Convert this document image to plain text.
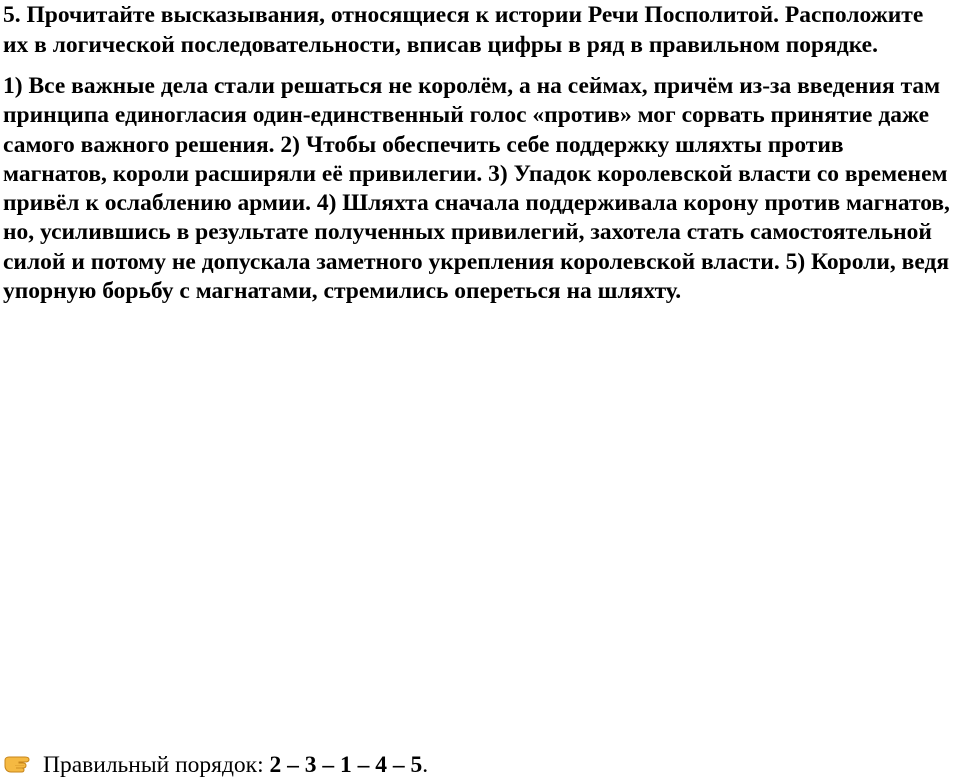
5. Прочитайте высказывания, относящиеся к истории Речи Посполитой. Расположите их в логической последовательности, вписав цифры в ряд в правильном порядке.

1) Все важные дела стали решаться не королём, а на сеймах, причём из-за введения там принципа единогласия один-единственный голос «против» мог сорвать принятие даже самого важного решения. 2) Чтобы обеспечить себе поддержку шляхты против магнатов, короли расширяли её привилегии. 3) Упадок королевской власти со временем привёл к ослаблению армии. 4) Шляхта сначала поддерживала корону против магнатов, но, усилившись в результате полученных привилегий, захотела стать самостоятельной силой и потому не допускала заметного укрепления королевской власти. 5) Короли, ведя упорную борьбу с магнатами, стремились опереться на шляхту.

Правильный порядок: 2 – 3 – 1 – 4 – 5.
